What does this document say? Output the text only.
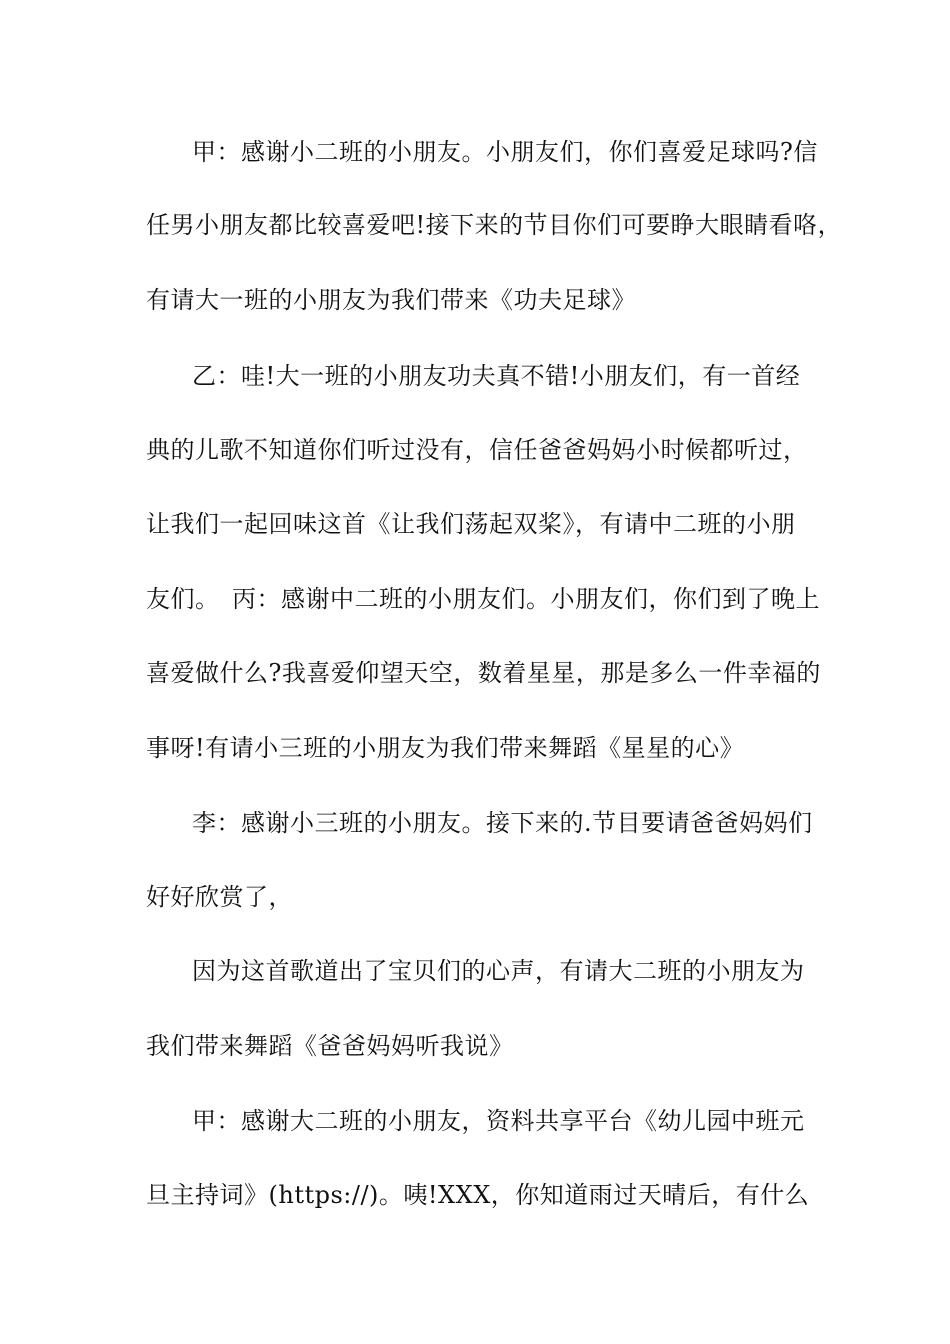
甲：感谢小二班的小朋友。小朋友们，你们喜爱足球吗?信
任男小朋友都比较喜爱吧!接下来的节目你们可要睁大眼睛看咯，
有请大一班的小朋友为我们带来《功夫足球》
乙：哇!大一班的小朋友功夫真不错!小朋友们，有一首经
典的儿歌不知道你们听过没有，信任爸爸妈妈小时候都听过，
让我们一起回味这首《让我们荡起双桨》，有请中二班的小朋
友们。　丙：感谢中二班的小朋友们。小朋友们，你们到了晚上
喜爱做什么?我喜爱仰望天空，数着星星，那是多么一件幸福的
事呀!有请小三班的小朋友为我们带来舞蹈《星星的心》
李：感谢小三班的小朋友。接下来的.节目要请爸爸妈妈们
好好欣赏了，
因为这首歌道出了宝贝们的心声，有请大二班的小朋友为
我们带来舞蹈《爸爸妈妈听我说》
甲：感谢大二班的小朋友，资料共享平台《幼儿园中班元
旦主持词》(https://)。咦!XXX，你知道雨过天晴后，有什么
